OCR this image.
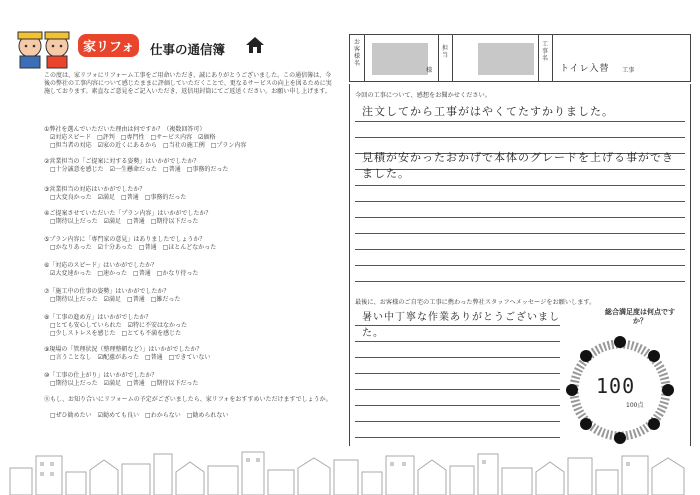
家リフォ	仕事の通信簿
この度は、家リフォにリフォーム工事をご用命いただき、誠にありがとうございました。この通信簿は、今後の弊社の工事内容について感じたままに評価していただくことで、更なるサービスの向上を図るために実施しております。素直なご意見をご記入いただき、返信用封筒にてご返送ください。お願い申し上げます。
①弊社を選んでいただいた理由は何ですか？（複数回答可）
☑対応スピード　□評判　□専門性　□サービス内容　☑価格
□担当者の対応　☑家の近くにあるから　□当社の施工例　□プラン内容
②営業担当の「ご提案に対する姿勢」はいかがでしたか？
□十分誠意を感じた　☑一生懸命だった　□普通　□事務的だった
③営業担当の対応はいかがでしたか？
□大変良かった　☑満足　□普通　□事務的だった
④ご提案させていただいた「プラン内容」はいかがでしたか？
□期待以上だった　☑満足　□普通　□期待以下だった
⑤プラン内容に「専門家の意見」はありましたでしょうか？
□かなりあった　☑十分あった　□普通　□ほとんどなかった
⑥「対応のスピード」はいかがでしたか？
☑大変速かった　□速かった　□普通　□かなり待った
⑦「施工中の仕事の姿勢」はいかがでしたか？
□期待以上だった　☑満足　□普通　□雑だった
⑧「工事の進め方」はいかがでしたか？
□とても安心していられた　☑特に不安はなかった
□少しストレスを感じた　□とても不満を感じた
⑨現場の「管理状況（整理整頓など）」はいかがでしたか？
□言うことなし　☑配慮があった　□普通　□できていない
⑩「工事の仕上がり」はいかがでしたか？
□期待以上だった　☑満足　□普通　□期待以下だった
⑪もし、お知り合いにリフォームの予定がございましたら、家リフォをおすすめいただけますでしょうか。
□ぜひ勧めたい　☑勧めても良い　□わからない　□勧められない
お客様名
様
担当
工事名
トイレ入替 工事
今回の工事について、感想をお聞かせください。
注文してから工事がはやくてたすかりました。
見積が安かったおかげで本体のグレードを上げる事ができました。
最後に、お客様のご自宅の工事に携わった弊社スタッフへメッセージをお願いします。
暑い中丁寧な作業ありがとうございました。
総合満足度は何点ですか？
100
100点
